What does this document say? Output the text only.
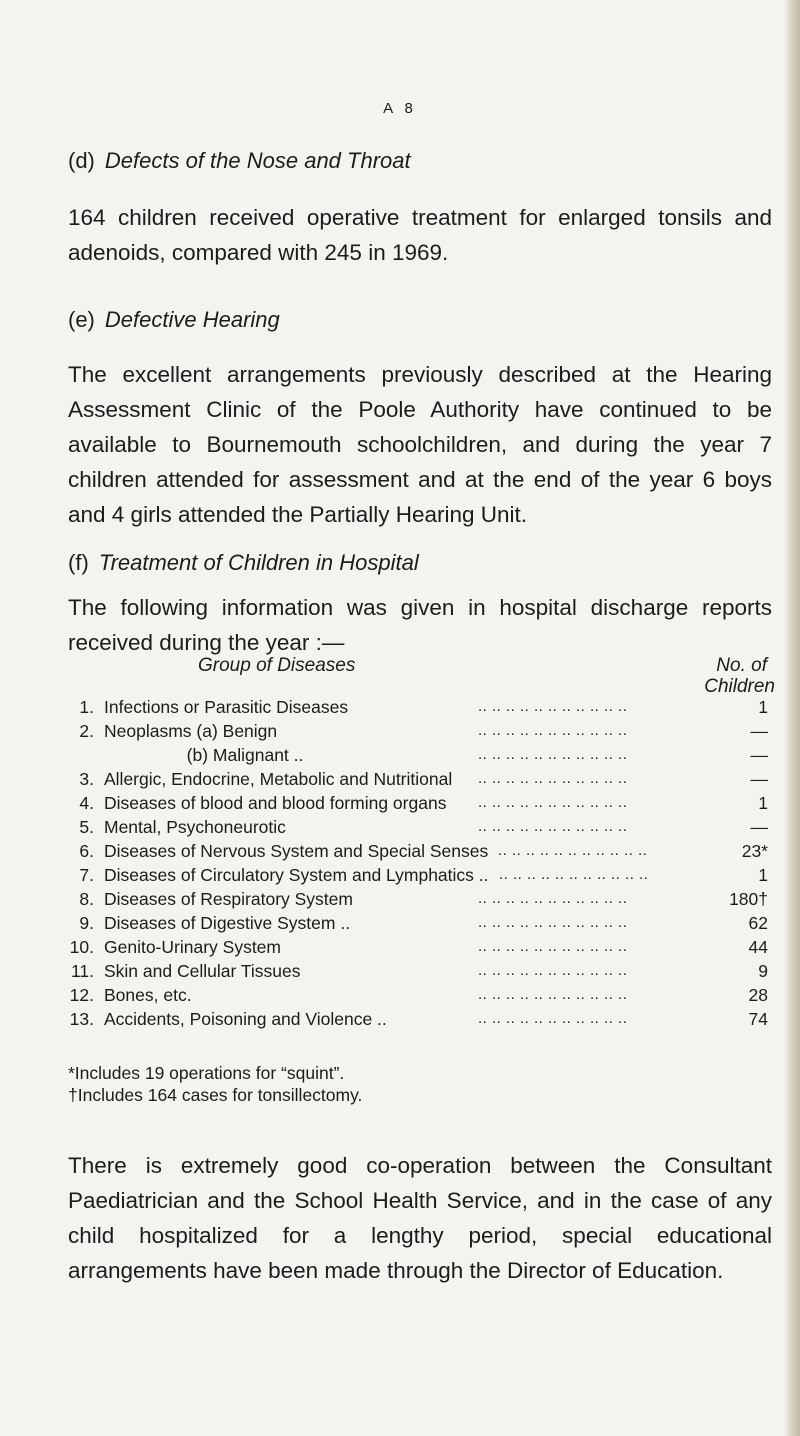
A 8
(d) Defects of the Nose and Throat
164 children received operative treatment for enlarged tonsils and adenoids, compared with 245 in 1969.
(e) Defective Hearing
The excellent arrangements previously described at the Hearing Assessment Clinic of the Poole Authority have continued to be available to Bournemouth schoolchildren, and during the year 7 children attended for assessment and at the end of the year 6 boys and 4 girls attended the Partially Hearing Unit.
(f) Treatment of Children in Hospital
The following information was given in hospital discharge reports received during the year :—
Group of Diseases	No. of
Children
1. Infections or Parasitic Diseases	.. .. .. .. .. .. .. .. .. .. ..	1
2. Neoplasms (a) Benign	.. .. .. .. .. .. .. .. .. .. ..	—
(b) Malignant ..	.. .. .. .. .. .. .. .. .. .. ..	—
3. Allergic, Endocrine, Metabolic and Nutritional .. .. .. .. .. .. .. .. .. .. ..	—
4. Diseases of blood and blood forming organs .. .. .. .. .. .. .. .. .. .. ..	1
5. Mental, Psychoneurotic	.. .. .. .. .. .. .. .. .. .. ..	—
6. Diseases of Nervous System and Special Senses .. .. .. .. .. .. .. .. .. .. ..	23*
7. Diseases of Circulatory System and Lymphatics .. .. .. .. .. .. .. .. .. .. .. ..	1
8. Diseases of Respiratory System	.. .. .. .. .. .. .. .. .. .. ..	180†
9. Diseases of Digestive System ..	.. .. .. .. .. .. .. .. .. .. ..	62
10. Genito-Urinary System	.. .. .. .. .. .. .. .. .. .. ..	44
11. Skin and Cellular Tissues	.. .. .. .. .. .. .. .. .. .. ..	9
12. Bones, etc.	.. .. .. .. .. .. .. .. .. .. ..	28
13. Accidents, Poisoning and Violence ..	.. .. .. .. .. .. .. .. .. .. ..	74
*Includes 19 operations for “squint”.
†Includes 164 cases for tonsillectomy.
There is extremely good co-operation between the Consultant Paediatrician and the School Health Service, and in the case of any child hospitalized for a lengthy period, special educational arrangements have been made through the Director of Education.
